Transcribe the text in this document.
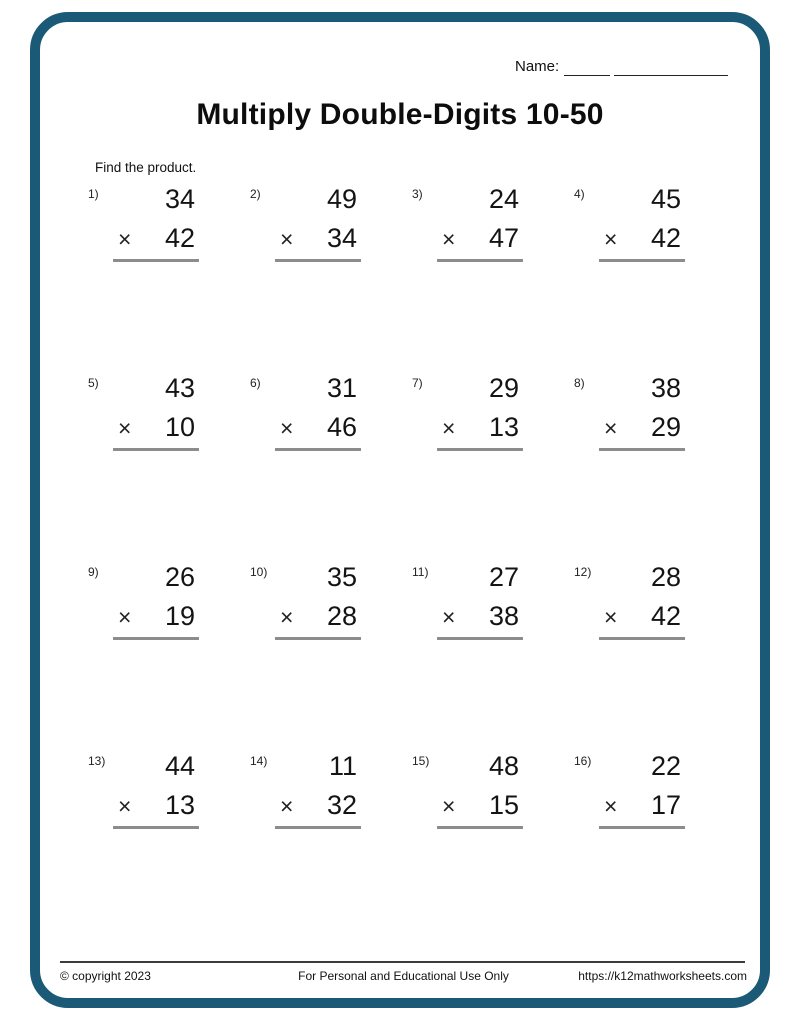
Name:
Multiply Double-Digits 10-50
Find the product.
1)	34
× 42
2)	49
× 34
3)	24
× 47
4)	45
× 42
5)	43
× 10
6)	31
× 46
7)	29
× 13
8)	38
× 29
9)	26
× 19
10)	35
× 28
11)	27
× 38
12)	28
× 42
13)	44
× 13
14)	11
× 32
15)	48
× 15
16)	22
× 17
© copyright 2023	For Personal and Educational Use Only	https://k12mathworksheets.com
